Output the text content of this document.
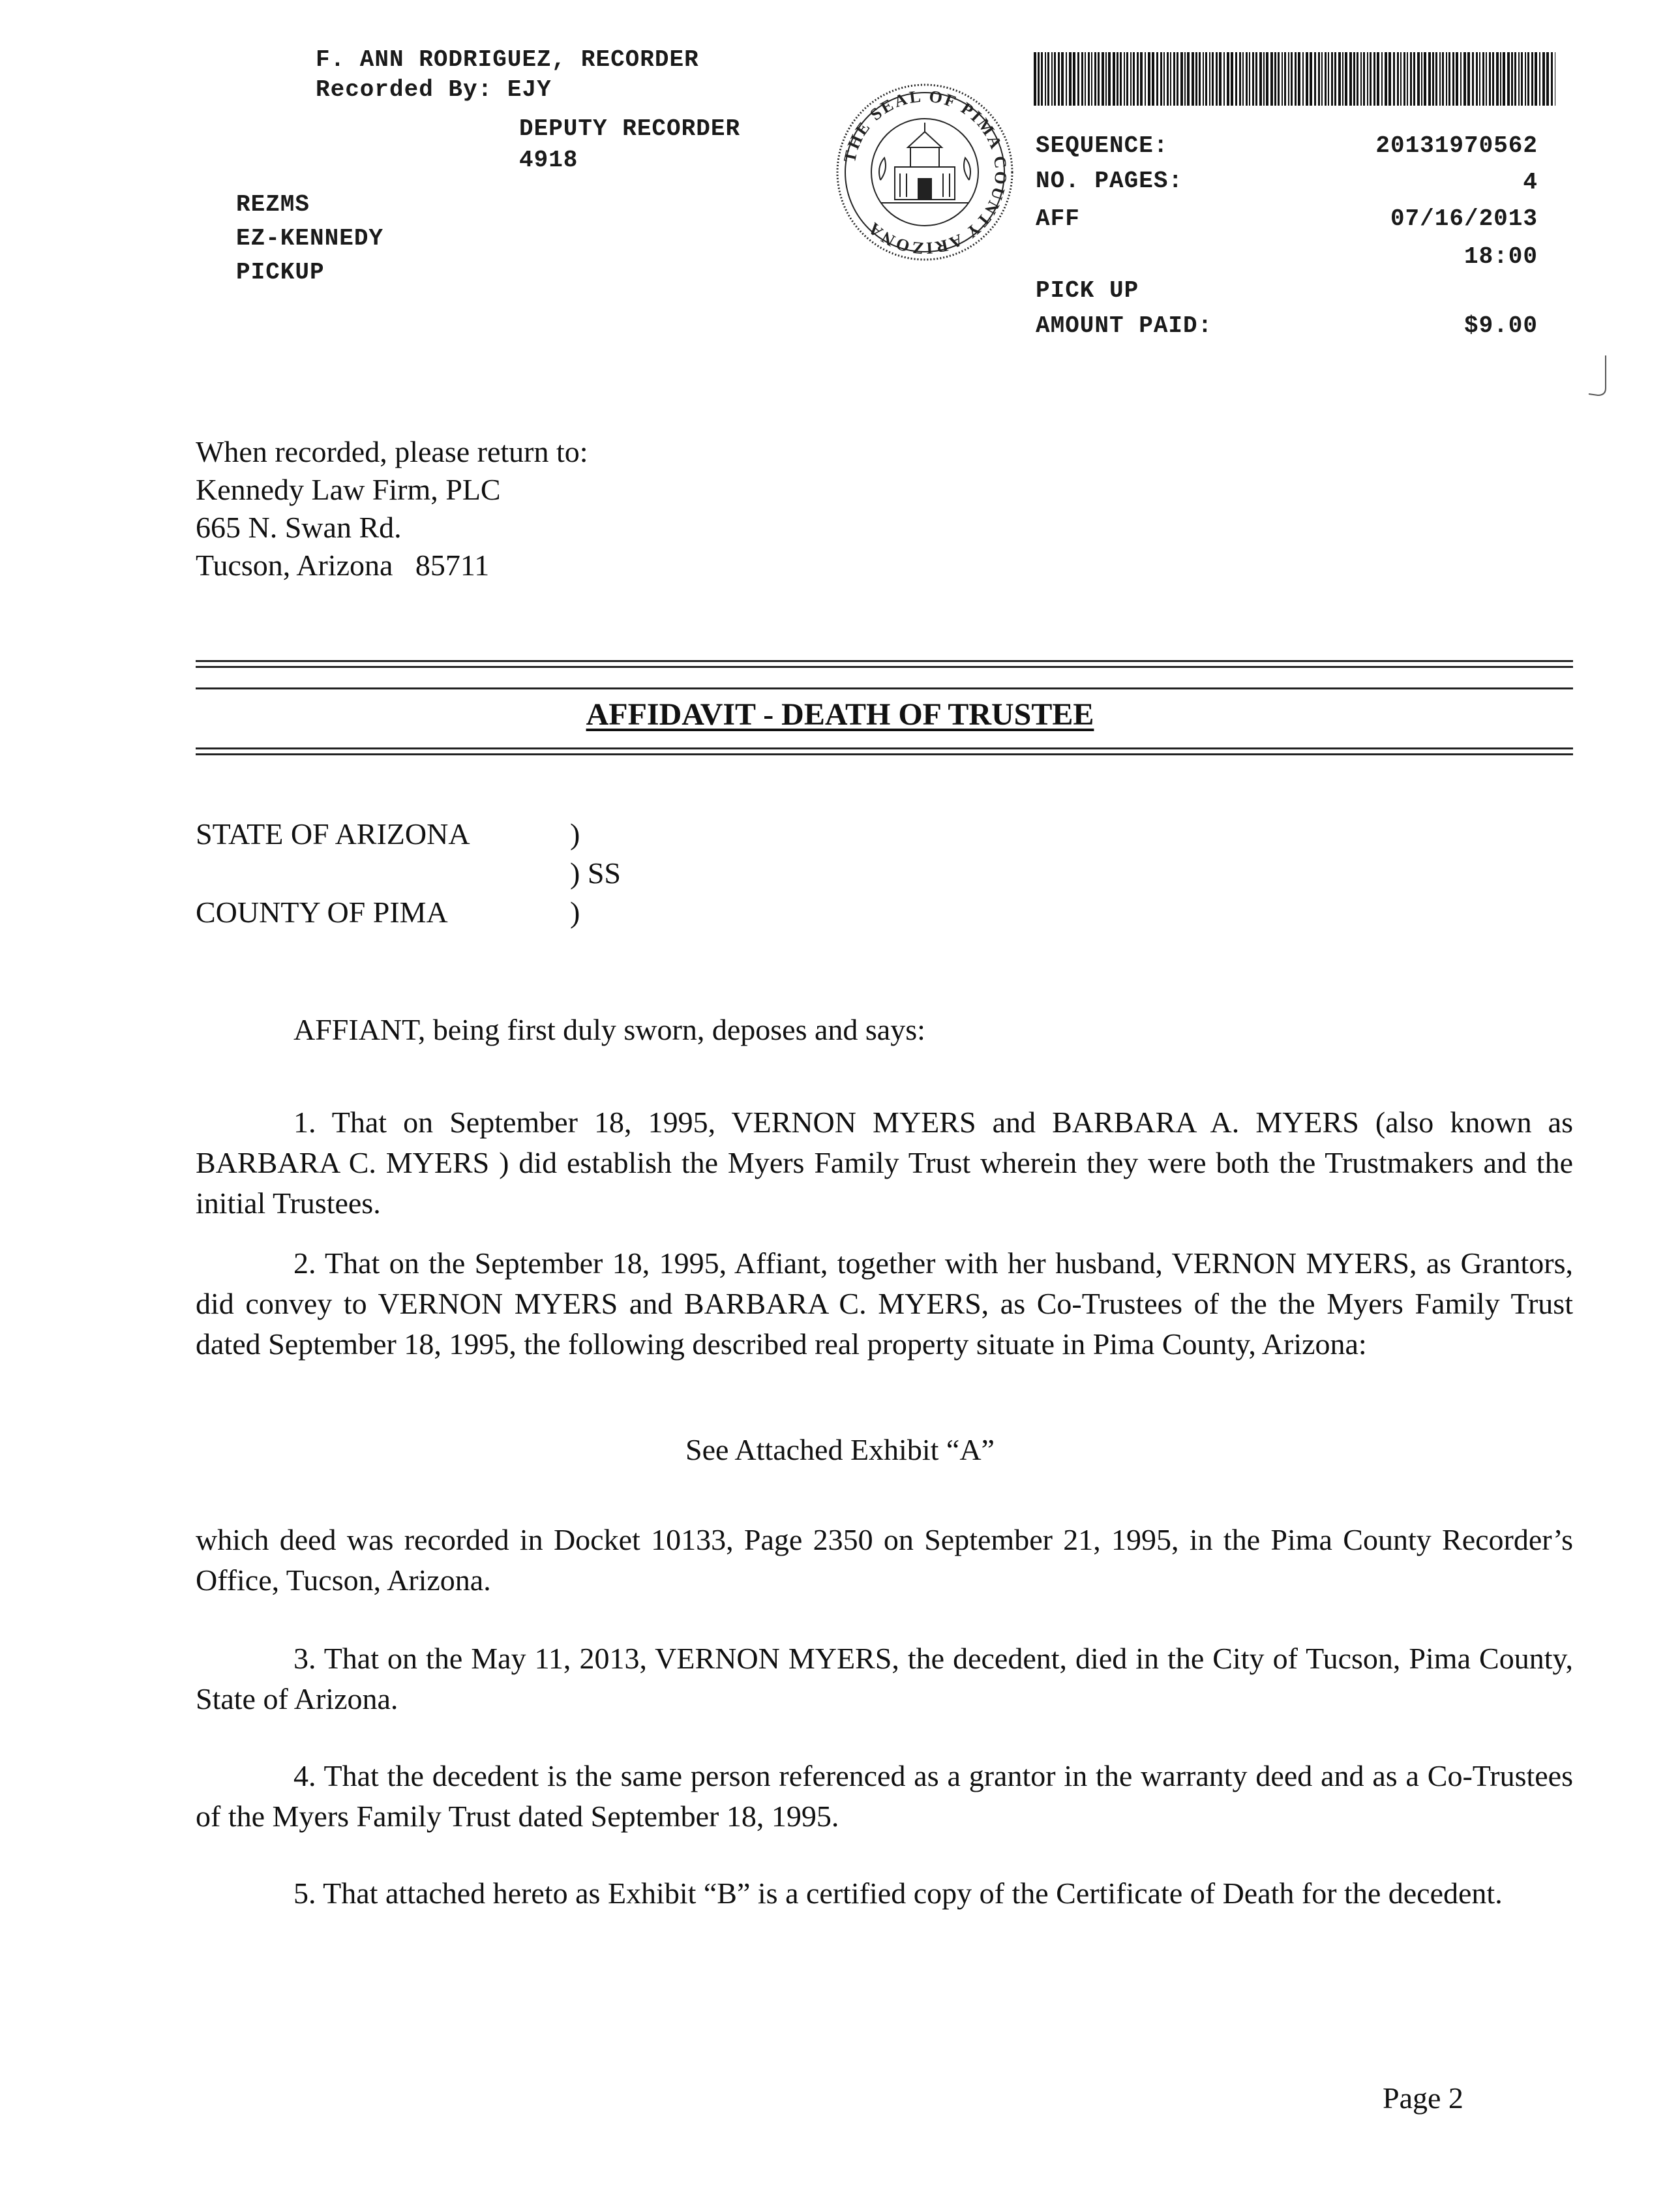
F. ANN RODRIGUEZ, RECORDER
Recorded By: EJY
DEPUTY RECORDER
4918
REZMS
EZ-KENNEDY
PICKUP
THE SEAL OF PIMA COUNTY ARIZONA
SEQUENCE:	20131970562
NO. PAGES:	4
AFF	07/16/2013
18:00
PICK UP
AMOUNT PAID:	$9.00
When recorded, please return to:
Kennedy Law Firm, PLC
665 N. Swan Rd.
Tucson, Arizona   85711
AFFIDAVIT - DEATH OF TRUSTEE
STATE OF ARIZONA	)
) SS
COUNTY OF PIMA	)
AFFIANT, being first duly sworn, deposes and says:
1. That on September 18, 1995, VERNON MYERS and BARBARA A. MYERS (also known as BARBARA C. MYERS ) did establish the Myers Family Trust wherein they were both the Trustmakers and the initial Trustees.
2. That on the September 18, 1995, Affiant, together with her husband, VERNON MYERS, as Grantors, did convey to VERNON MYERS and BARBARA C. MYERS, as Co-Trustees of the the Myers Family Trust dated September 18, 1995, the following described real property situate in Pima County, Arizona:
See Attached Exhibit “A”
which deed was recorded in Docket 10133, Page 2350 on September 21, 1995, in the Pima County Recorder’s Office, Tucson, Arizona.
3. That on the May 11, 2013, VERNON MYERS, the decedent, died in the City of Tucson, Pima County, State of Arizona.
4. That the decedent is the same person referenced as a grantor in the warranty deed and as a Co-Trustees of the Myers Family Trust dated September 18, 1995.
5. That attached hereto as Exhibit “B” is a certified copy of the Certificate of Death for the decedent.
Page 2
